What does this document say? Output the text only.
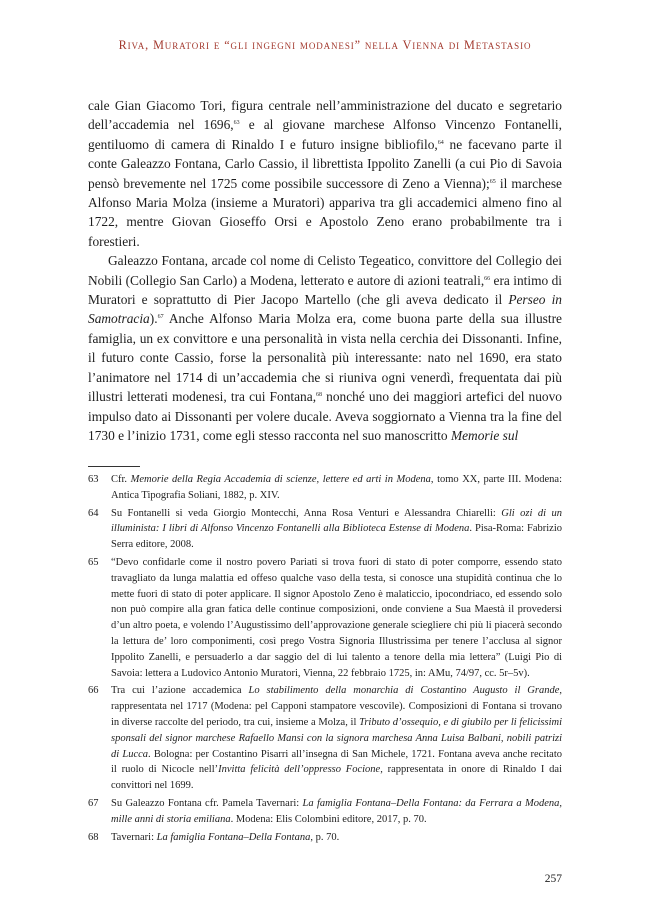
Riva, Muratori e “gli ingegni modanesi” nella Vienna di Metastasio

cale Gian Giacomo Tori, figura centrale nell’amministrazione del ducato e segretario dell’accademia nel 1696,63 e al giovane marchese Alfonso Vincenzo Fontanelli, gentiluomo di camera di Rinaldo I e futuro insigne bibliofilo,$^{64}$ ne facevano parte il conte Galeazzo Fontana, Carlo Cassio, il librettista Ippolito Zanelli (a cui Pio di Savoia pensò brevemente nel 1725 come possibile successore di Zeno a Vienna);$^{65}$ il marchese Alfonso Maria Molza (insieme a Muratori) appariva tra gli accademici almeno fino al 1722, mentre Giovan Gioseffo Orsi e Apostolo Zeno erano probabilmente tra i forestieri.

Galeazzo Fontana, arcade col nome di Celisto Tegeatico, convittore del Collegio dei Nobili (Collegio San Carlo) a Modena, letterato e autore di azioni teatrali,$^{66}$ era intimo di Muratori e soprattutto di Pier Jacopo Martello (che gli aveva dedicato il Perseo in Samotracia).$^{67}$ Anche Alfonso Maria Molza era, come buona parte della sua illustre famiglia, un ex convittore e una personalità in vista nella cerchia dei Dissonanti. Infine, il futuro conte Cassio, forse la personalità più interessante: nato nel 1690, era stato l’animatore nel 1714 di un’accademia che si riuniva ogni venerdì, frequentata dai più illustri letterati modenesi, tra cui Fontana,$^{68}$ nonché uno dei maggiori artefici del nuovo impulso dato ai Dissonanti per volere ducale. Aveva soggiornato a Vienna tra la fine del 1730 e l’inizio 1731, come egli stesso racconta nel suo manoscritto Memorie sul

63	Cfr. Memorie della Regia Accademia di scienze, lettere ed arti in Modena, tomo XX, parte III. Modena: Antica Tipografia Soliani, 1882, p. XIV.
64	Su Fontanelli si veda Giorgio Montecchi, Anna Rosa Venturi e Alessandra Chiarelli: Gli ozi di un illuminista: I libri di Alfonso Vincenzo Fontanelli alla Biblioteca Estense di Modena. Pisa-Roma: Fabrizio Serra editore, 2008.
65	“Devo confidarle come il nostro povero Pariati si trova fuori di stato di poter comporre, essendo stato travagliato da lunga malattia ed offeso qualche vaso della testa, si conosce una stupidità continua che lo mette fuori di stato di poter applicare. Il signor Apostolo Zeno è malaticcio, ipocondriaco, ed essendo solo non può compire alla gran fatica delle continue composizioni, onde conviene a Sua Maestà il provedersi d’un altro poeta, e volendo l’Augustissimo dell’approvazione generale sciegliere chi più li piacerà secondo la lettura de’ loro componimenti, così prego Vostra Signoria Illustrissima per tenere l’acclusa al signor Ippolito Zanelli, e persuaderlo a dar saggio del di lui talento a tenore della mia lettera” (Luigi Pio di Savoia: lettera a Ludovico Antonio Muratori, Vienna, 22 febbraio 1725, in: AMu, 74/97, cc. 5r–5v).
66	Tra cui l’azione accademica Lo stabilimento della monarchia di Costantino Augusto il Grande, rappresentata nel 1717 (Modena: pel Capponi stampatore vescovile). Composizioni di Fontana si trovano in diverse raccolte del periodo, tra cui, insieme a Molza, il Tributo d’ossequio, e di giubilo per li felicissimi sponsali del signor marchese Rafaello Mansi con la signora marchesa Anna Luisa Balbani, nobili patrizi di Lucca. Bologna: per Costantino Pisarri all’insegna di San Michele, 1721. Fontana aveva anche recitato il ruolo di Nicocle nell’Invitta felicità dell’oppresso Focione, rappresentata in onore di Rinaldo I dai convittori nel 1699.
67	Su Galeazzo Fontana cfr. Pamela Tavernari: La famiglia Fontana–Della Fontana: da Ferrara a Modena, mille anni di storia emiliana. Modena: Elis Colombini editore, 2017, p. 70.
68	Tavernari: La famiglia Fontana–Della Fontana, p. 70.
257
